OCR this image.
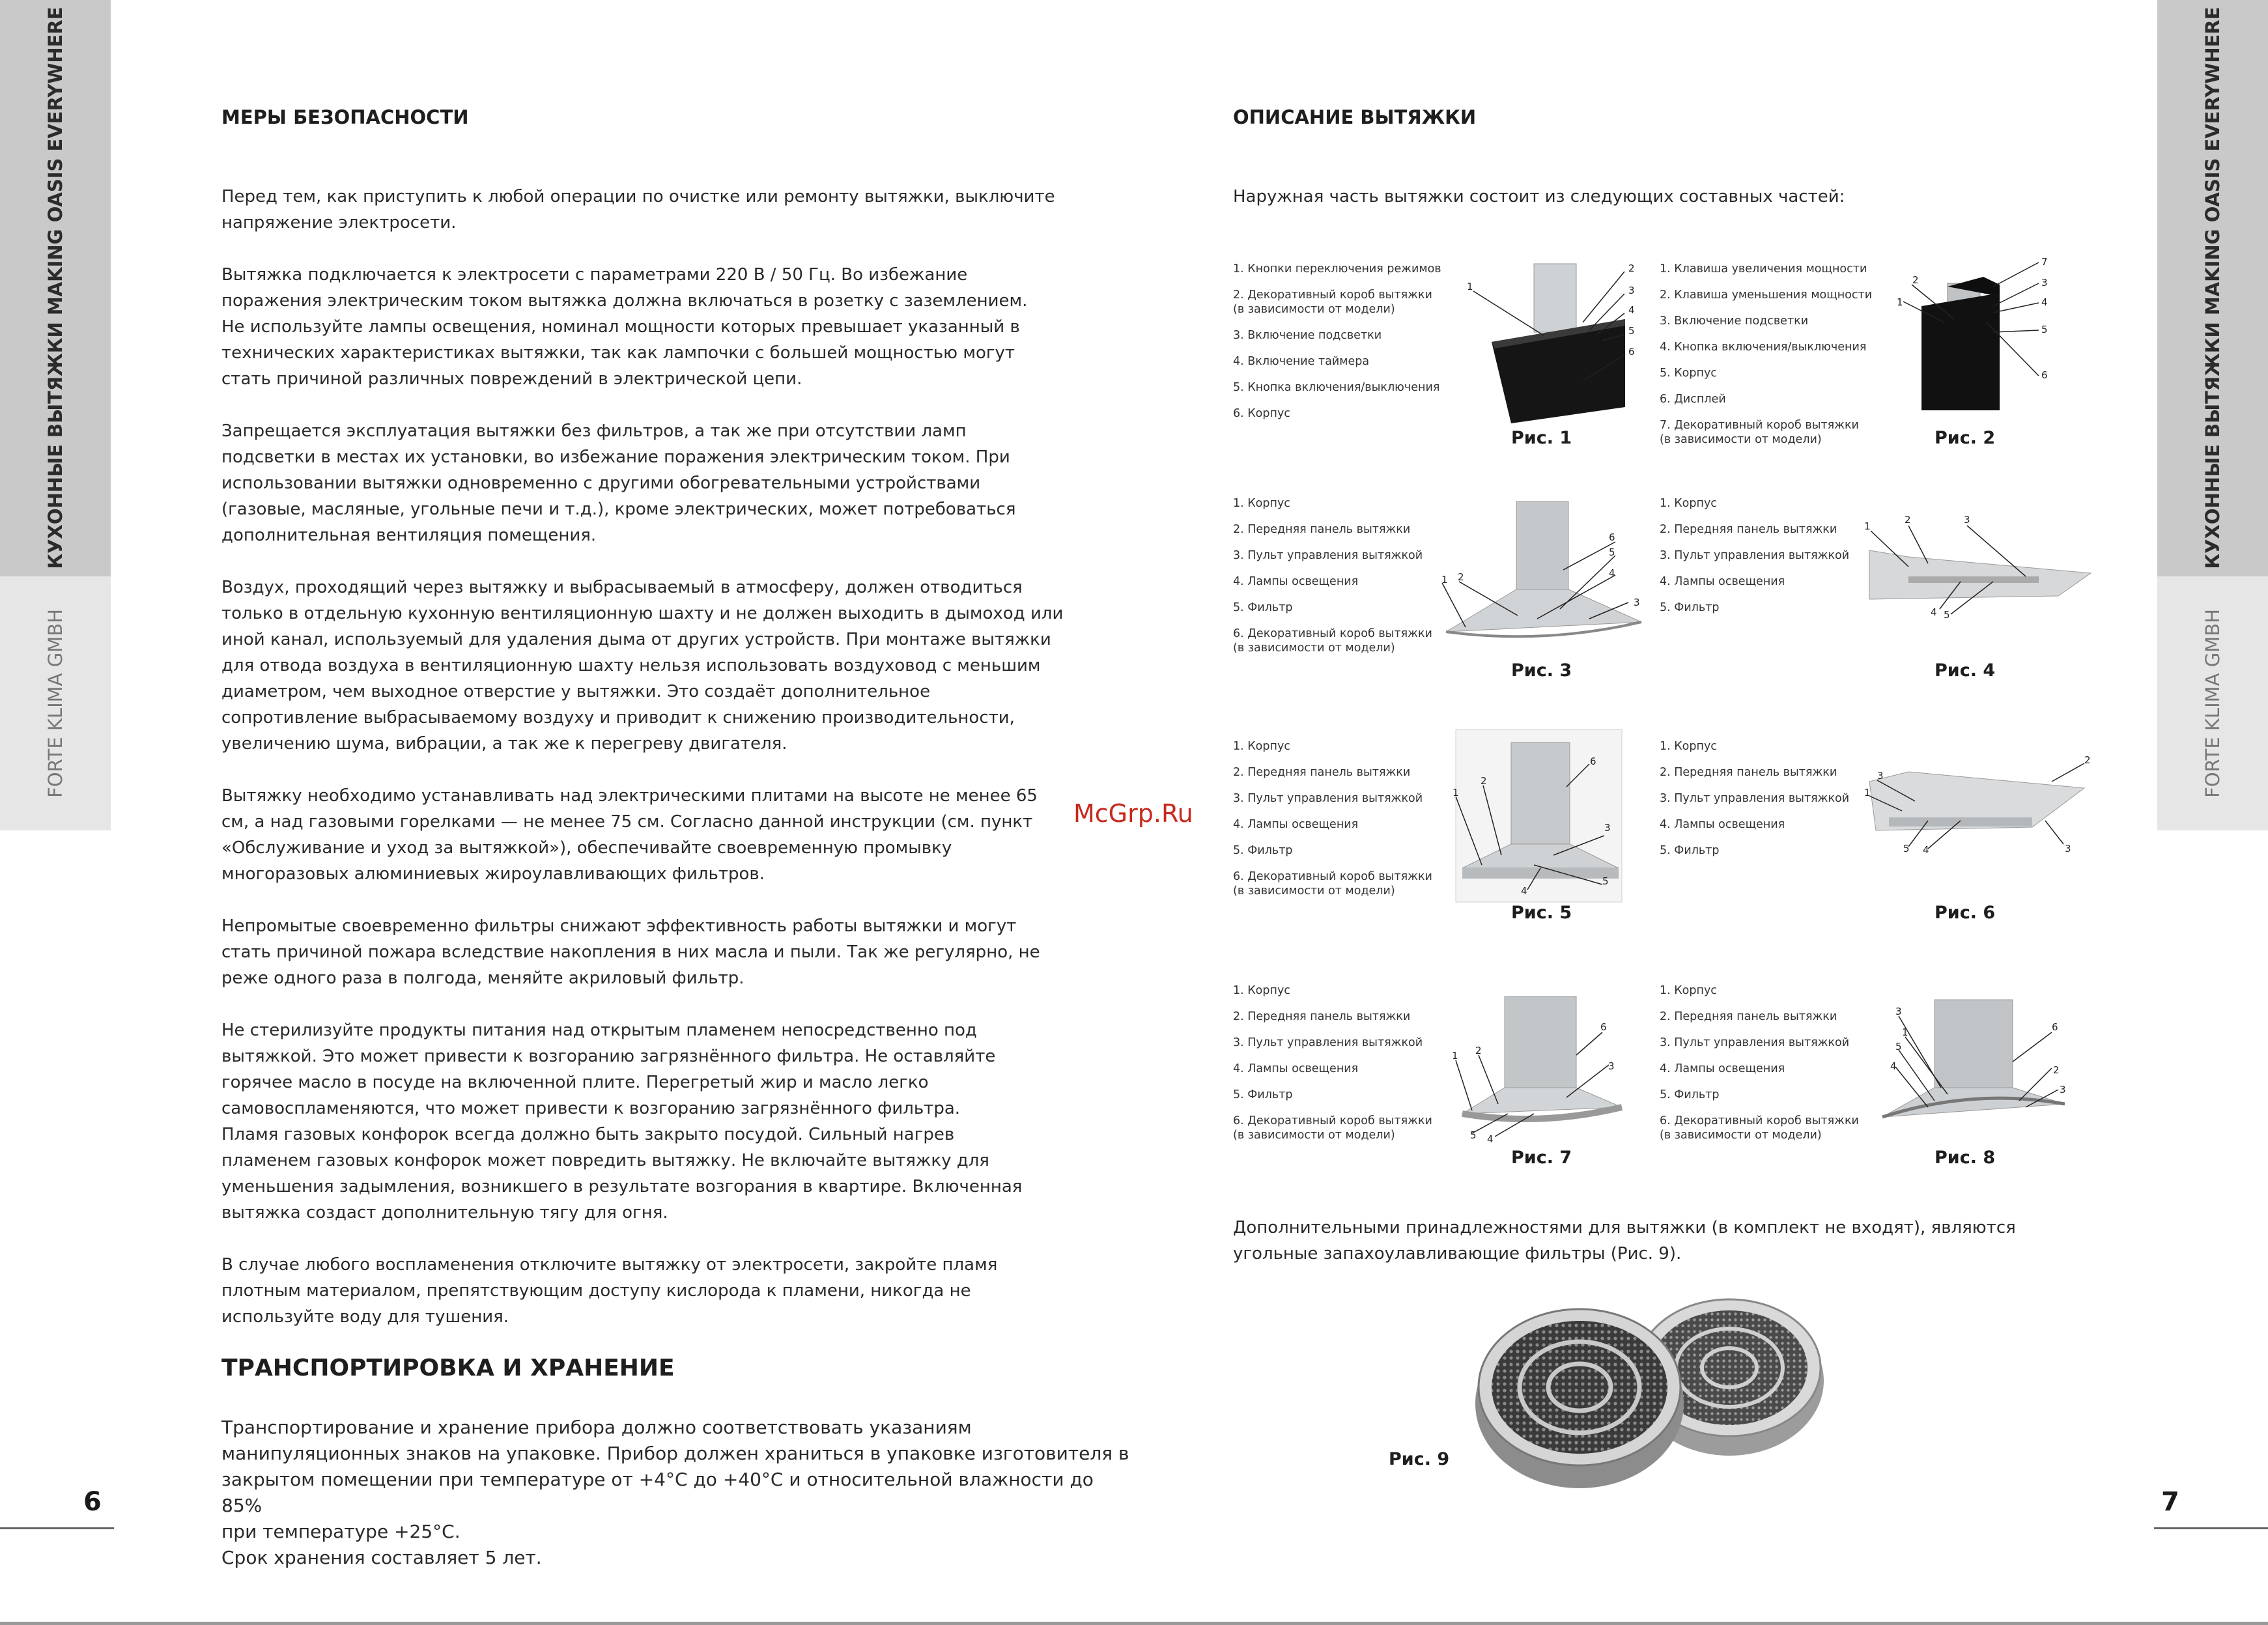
КУХОННЫЕ ВЫТЯЖКИ MAKING OASIS EVERYWHERE
FORTE KLIMA GMBH
КУХОННЫЕ ВЫТЯЖКИ MAKING OASIS EVERYWHERE
FORTE KLIMA GMBH
6	7
МЕРЫ БЕЗОПАСНОСТИ

Перед тем, как приступить к любой операции по очистке или ремонту вытяжки, выключите
напряжение электросети.

Вытяжка подключается к электросети с параметрами 220 В / 50 Гц. Во избежание
поражения электрическим током вытяжка должна включаться в розетку с заземлением.
Не используйте лампы освещения, номинал мощности которых превышает указанный в
технических характеристиках вытяжки, так как лампочки с большей мощностью могут
стать причиной различных повреждений в электрической цепи.

Запрещается эксплуатация вытяжки без фильтров, а так же при отсутствии ламп
подсветки в местах их установки, во избежание поражения электрическим током. При
использовании вытяжки одновременно с другими обогревательными устройствами
(газовые, масляные, угольные печи и т.д.), кроме электрических, может потребоваться
дополнительная вентиляция помещения.

Воздух, проходящий через вытяжку и выбрасываемый в атмосферу, должен отводиться
только в отдельную кухонную вентиляционную шахту и не должен выходить в дымоход или
иной канал, используемый для удаления дыма от других устройств. При монтаже вытяжки
для отвода воздуха в вентиляционную шахту нельзя использовать воздуховод с меньшим
диаметром, чем выходное отверстие у вытяжки. Это создаёт дополнительное
сопротивление выбрасываемому воздуху и приводит к снижению производительности,
увеличению шума, вибрации, а так же к перегреву двигателя.

Вытяжку необходимо устанавливать над электрическими плитами на высоте не менее 65
см, а над газовыми горелками — не менее 75 см. Согласно данной инструкции (см. пункт
«Обслуживание и уход за вытяжкой»), обеспечивайте своевременную промывку
многоразовых алюминиевых жироулавливающих фильтров.

Непромытые своевременно фильтры снижают эффективность работы вытяжки и могут
стать причиной пожара вследствие накопления в них масла и пыли. Так же регулярно, не
реже одного раза в полгода, меняйте акриловый фильтр.

Не стерилизуйте продукты питания над открытым пламенем непосредственно под
вытяжкой. Это может привести к возгоранию загрязнённого фильтра. Не оставляйте
горячее масло в посуде на включенной плите. Перегретый жир и масло легко
самовоспламеняются, что может привести к возгоранию загрязнённого фильтра.
Пламя газовых конфорок всегда должно быть закрыто посудой. Сильный нагрев
пламенем газовых конфорок может повредить вытяжку. Не включайте вытяжку для
уменьшения задымления, возникшего в результате возгорания в квартире. Включенная
вытяжка создаст дополнительную тягу для огня.

В случае любого воспламенения отключите вытяжку от электросети, закройте пламя
плотным материалом, препятствующим доступу кислорода к пламени, никогда не
используйте воду для тушения.

ТРАНСПОРТИРОВКА И ХРАНЕНИЕ

Транспортирование и хранение прибора должно соответствовать указаниям
манипуляционных знаков на упаковке. Прибор должен храниться в упаковке изготовителя в
закрытом помещении при температуре от +4°С до +40°С и относительной влажности до 85%
при температуре +25°С.
Срок хранения составляет 5 лет.

McGrp.Ru
ОПИСАНИЕ ВЫТЯЖКИ

Наружная часть вытяжки состоит из следующих составных частей:

1. Кнопки переключения режимов
2. Декоративный короб вытяжки
(в зависимости от модели)
3. Включение подсветки
4. Включение таймера
5. Кнопка включения/выключения
6. Корпус
1
2
3
4
5
6
Рис. 1
1. Клавиша увеличения мощности
2. Клавиша уменьшения мощности
3. Включение подсветки
4. Кнопка включения/выключения
5. Корпус
6. Дисплей
7. Декоративный короб вытяжки
(в зависимости от модели)
7
3
2
4
1
5
6
Рис. 2
1. Корпус
2. Передняя панель вытяжки
3. Пульт управления вытяжкой
4. Лампы освещения
5. Фильтр
6. Декоративный короб вытяжки
(в зависимости от модели)
6
5
1 2	4
3
Рис. 3
1. Корпус
2. Передняя панель вытяжки
3. Пульт управления вытяжкой
4. Лампы освещения
5. Фильтр
2	3
1
4 5
Рис. 4
1. Корпус
2. Передняя панель вытяжки
3. Пульт управления вытяжкой
4. Лампы освещения
5. Фильтр
6. Декоративный короб вытяжки
(в зависимости от модели)
6
2
1
3
5
4
Рис. 5
1. Корпус
2. Передняя панель вытяжки
3. Пульт управления вытяжкой
4. Лампы освещения
5. Фильтр
2
3
1
5 4	3
Рис. 6
1. Корпус
2. Передняя панель вытяжки
3. Пульт управления вытяжкой
4. Лампы освещения
5. Фильтр
6. Декоративный короб вытяжки
(в зависимости от модели)
6
2
1
3
5 4
Рис. 7
1. Корпус
2. Передняя панель вытяжки
3. Пульт управления вытяжкой
4. Лампы освещения
5. Фильтр
6. Декоративный короб вытяжки
(в зависимости от модели)
3
6
1
5
4	2
3
Рис. 8

Дополнительными принадлежностями для вытяжки (в комплект не входят), являются
угольные запахоулавливающие фильтры (Рис. 9).

Рис. 9
